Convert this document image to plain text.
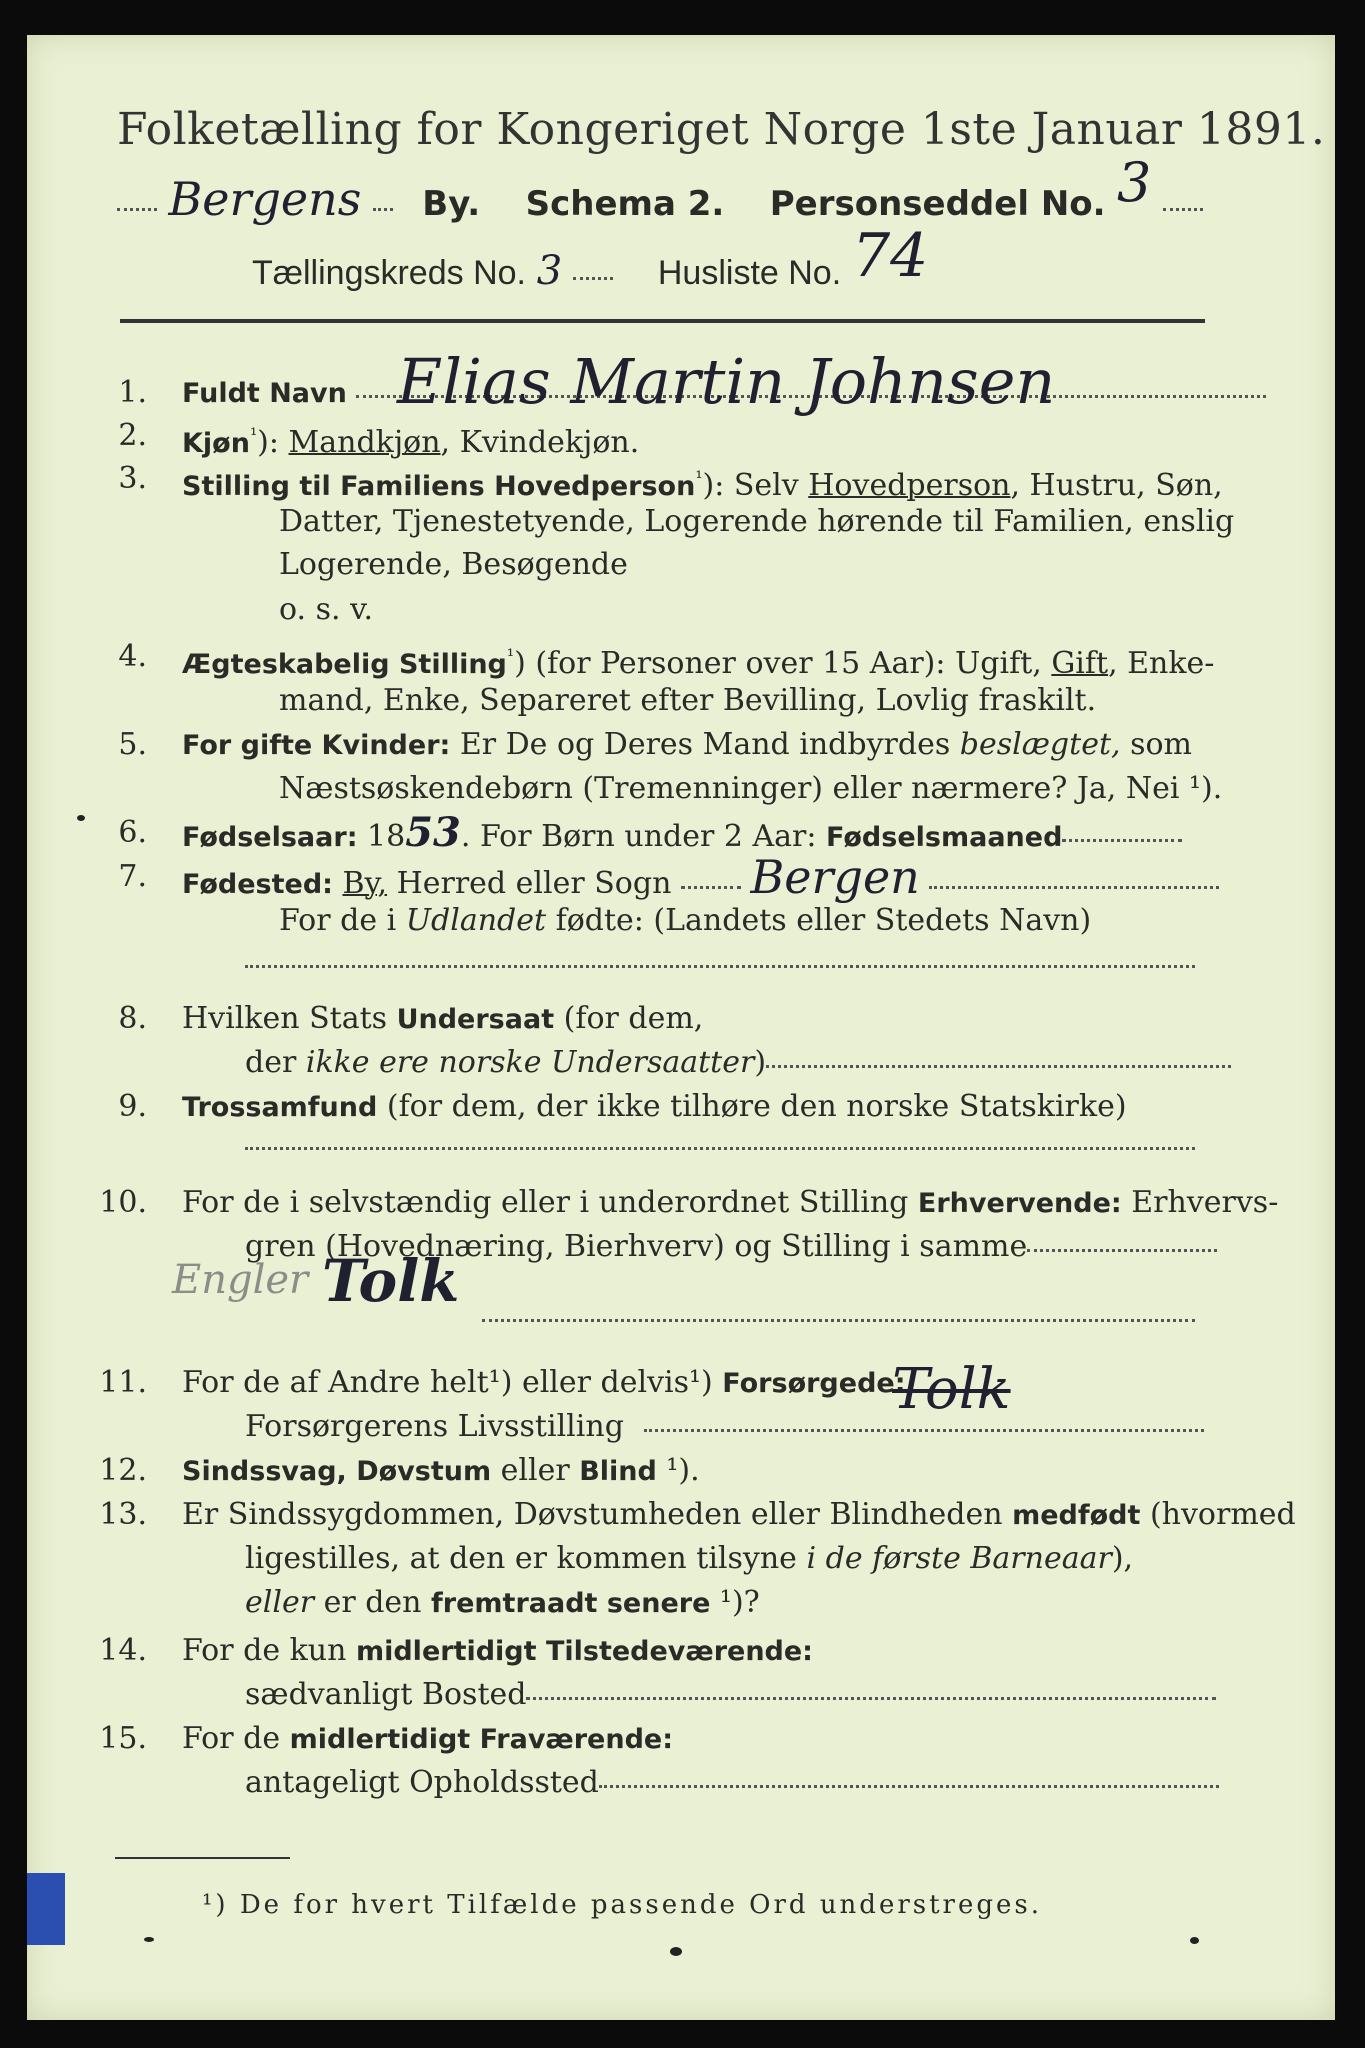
Folketælling for Kongeriget Norge 1ste Januar 1891.
Bergens By. Schema 2. Personseddel No. 3
Tællingskreds No. 3	Husliste No. 74
1. Fuldt Navn Elias Martin Johnsen
2. Kjøn$^{^1}$): Mandkjøn, Kvindekjøn.
3. Stilling til Familiens Hovedperson$^{^1}$): Selv Hovedperson, Hustru, Søn,
Datter, Tjenestetyende, Logerende hørende til Familien, enslig
Logerende, Besøgende
o. s. v.
4. Ægteskabelig Stilling$^{^1}$) (for Personer over 15 Aar): Ugift, Gift, Enke-
mand, Enke, Separeret efter Bevilling, Lovlig fraskilt.
5. For gifte Kvinder: Er De og Deres Mand indbyrdes beslægtet, som
Næstsøskendebørn (Tremenninger) eller nærmere? Ja, Nei ¹).
6. Fødselsaar: 1853. For Børn under 2 Aar: Fødselsmaaned
7. Fødested: By, Herred eller Sogn Bergen
For de i Udlandet fødte: (Landets eller Stedets Navn)
8. Hvilken Stats Undersaat (for dem,
der ikke ere norske Undersaatter)
9. Trossamfund (for dem, der ikke tilhøre den norske Statskirke)
10. For de i selvstændig eller i underordnet Stilling Erhvervende: Erhvervs-
gren (Hovednæring, Bierhverv) og Stilling i samme
Engler Tolk
11. For de af Andre helt¹) eller delvis¹) Forsørgede:
Forsørgerens Livsstilling
Tolk
12. Sindssvag, Døvstum eller Blind ¹).
13. Er Sindssygdommen, Døvstumheden eller Blindheden medfødt (hvormed
ligestilles, at den er kommen tilsyne i de første Barneaar),
eller er den fremtraadt senere ¹)?
14. For de kun midlertidigt Tilstedeværende:
sædvanligt Bosted
15. For de midlertidigt Fraværende:
antageligt Opholdssted
¹) De for hvert Tilfælde passende Ord understreges.
